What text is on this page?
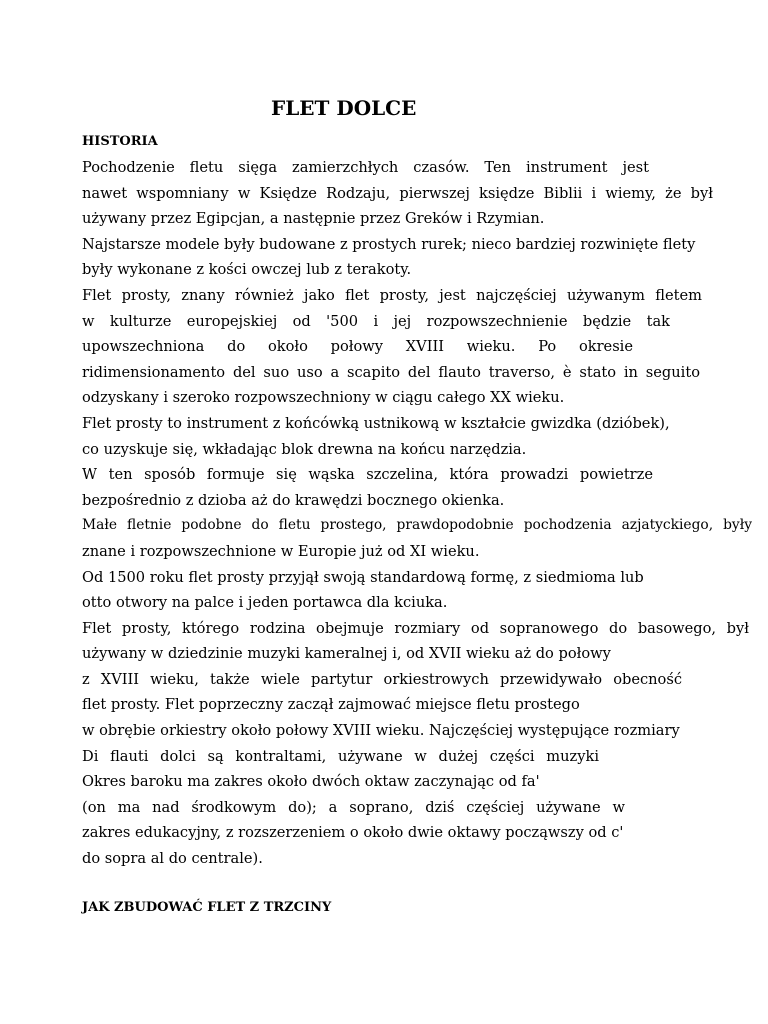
FLET DOLCE
HISTORIA
Pochodzenie fletu sięga zamierzchłych czasów. Ten instrument jest
nawet wspomniany w Księdze Rodzaju, pierwszej księdze Biblii i wiemy, że był
używany przez Egipcjan, a następnie przez Greków i Rzymian.
Najstarsze modele były budowane z prostych rurek; nieco bardziej rozwinięte flety
były wykonane z kości owczej lub z terakoty.
Flet prosty, znany również jako flet prosty, jest najczęściej używanym fletem
w kulturze europejskiej od '500 i jej rozpowszechnienie będzie tak
upowszechniona do około połowy XVIII wieku. Po okresie
ridimensionamento del suo uso a scapito del flauto traverso, è stato in seguito
odzyskany i szeroko rozpowszechniony w ciągu całego XX wieku.
Flet prosty to instrument z końcówką ustnikową w kształcie gwizdka (dzióbek),
co uzyskuje się, wkładając blok drewna na końcu narzędzia.
W ten sposób formuje się wąska szczelina, która prowadzi powietrze
bezpośrednio z dzioba aż do krawędzi bocznego okienka.
Małe fletnie podobne do fletu prostego, prawdopodobnie pochodzenia azjatyckiego, były
znane i rozpowszechnione w Europie już od XI wieku.
Od 1500 roku flet prosty przyjął swoją standardową formę, z siedmioma lub
otto otwory na palce i jeden portawca dla kciuka.
Flet prosty, którego rodzina obejmuje rozmiary od sopranowego do basowego, był
używany w dziedzinie muzyki kameralnej i, od XVII wieku aż do połowy
z XVIII wieku, także wiele partytur orkiestrowych przewidywało obecność
flet prosty. Flet poprzeczny zaczął zajmować miejsce fletu prostego
w obrębie orkiestry około połowy XVIII wieku. Najczęściej występujące rozmiary
Di flauti dolci są kontraltami, używane w dużej części muzyki
Okres baroku ma zakres około dwóch oktaw zaczynając od fa'
(on ma nad środkowym do); a soprano, dziś częściej używane w
zakres edukacyjny, z rozszerzeniem o około dwie oktawy począwszy od c'
do sopra al do centrale).
JAK ZBUDOWAĆ FLET Z TRZCINY
